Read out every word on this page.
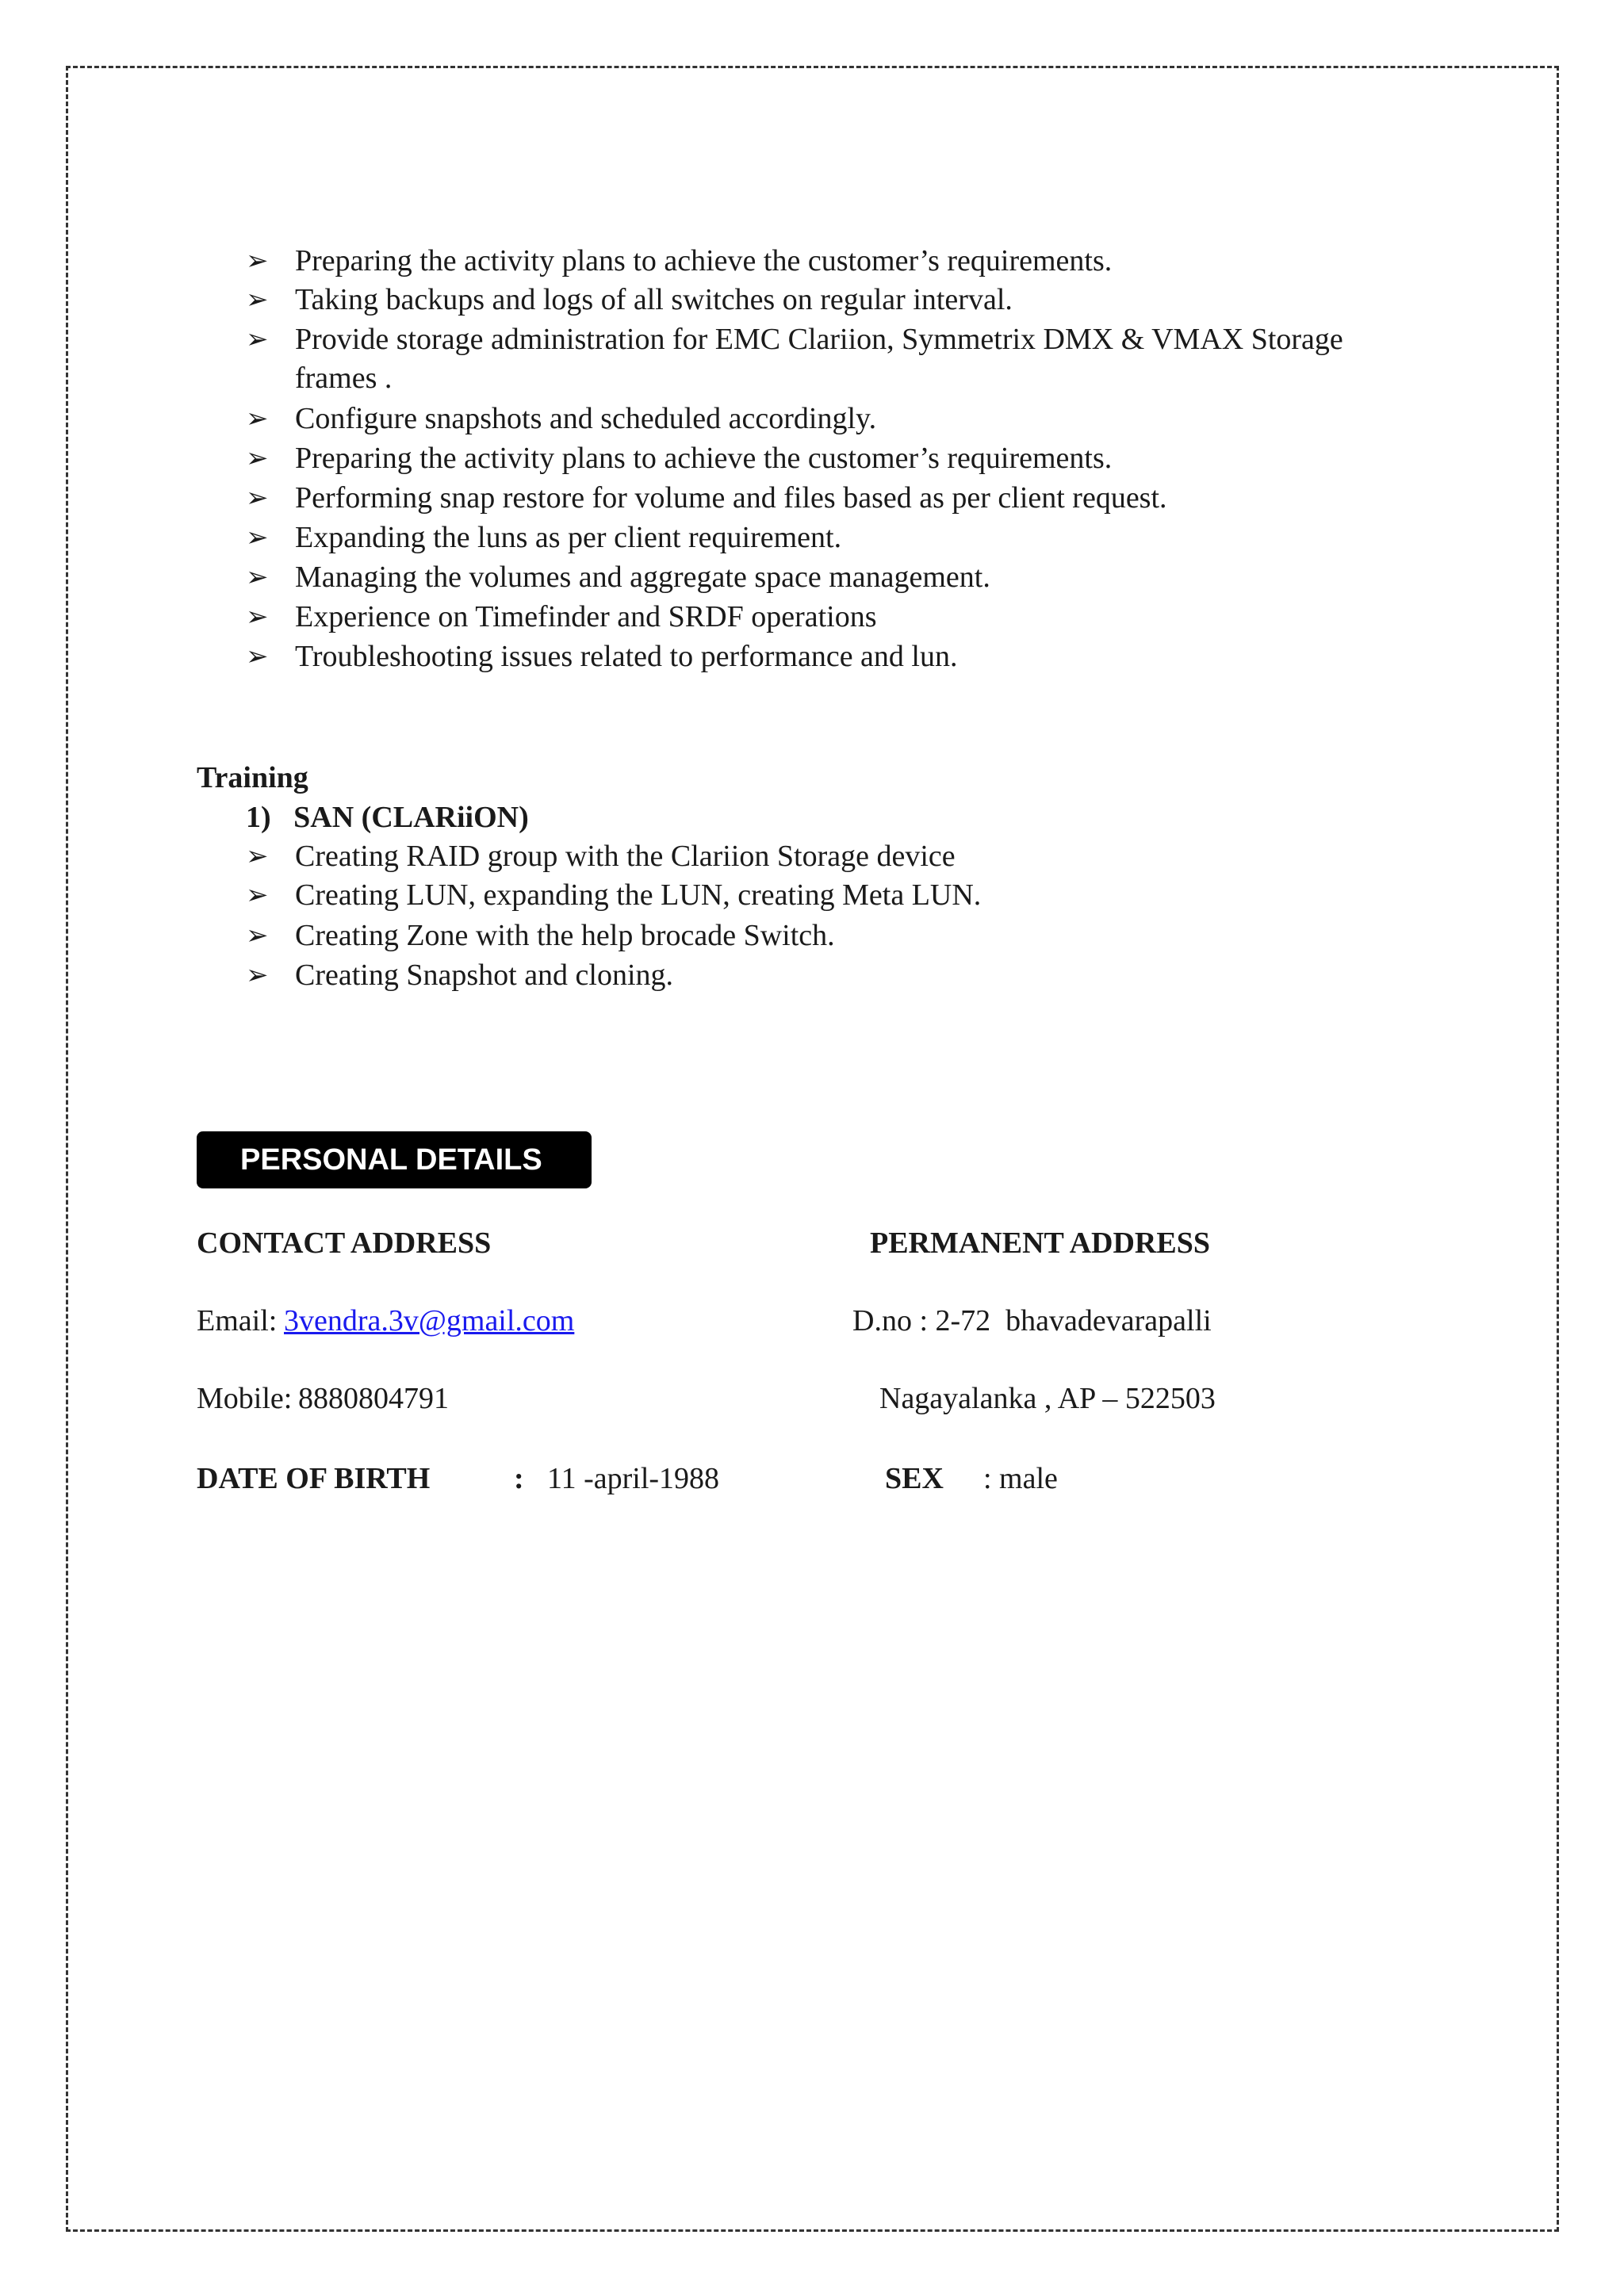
➢ Preparing the activity plans to achieve the customer’s requirements.
➢ Taking backups and logs of all switches on regular interval.
➢ Provide storage administration for EMC Clariion, Symmetrix DMX & VMAX Storage
frames .
➢ Configure snapshots and scheduled accordingly.
➢ Preparing the activity plans to achieve the customer’s requirements.
➢ Performing snap restore for volume and files based as per client request.
➢ Expanding the luns as per client requirement.
➢ Managing the volumes and aggregate space management.
➢ Experience on Timefinder and SRDF operations
➢ Troubleshooting issues related to performance and lun.
Training
1)   SAN (CLARiiON)
➢ Creating RAID group with the Clariion Storage device
➢ Creating LUN, expanding the LUN, creating Meta LUN.
➢ Creating Zone with the help brocade Switch.
➢ Creating Snapshot and cloning.
PERSONAL DETAILS
CONTACT ADDRESS	PERMANENT ADDRESS
Email: 3vendra.3v@gmail.com	D.no : 2-72  bhavadevarapalli
Mobile: 8880804791	Nagayalanka , AP – 522503
DATE OF BIRTH	: 11 -april-1988	SEX : male
